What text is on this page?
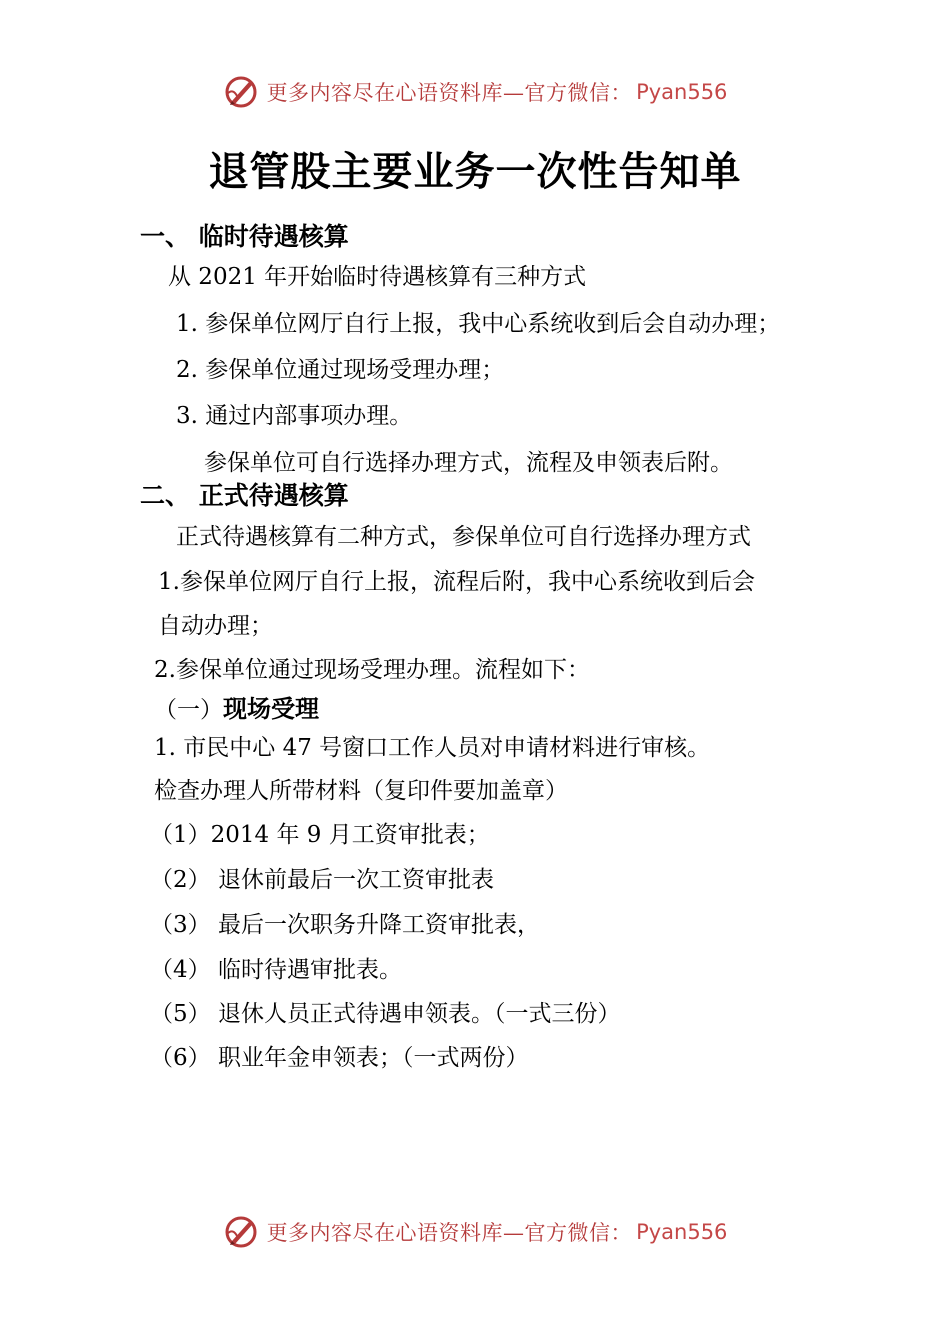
更多内容尽在心语资料库—官方微信： Pyan556
退管股主要业务一次性告知单
一、 临时待遇核算
从 2021 年开始临时待遇核算有三种方式
1. 参保单位网厅自行上报，我中心系统收到后会自动办理；
2. 参保单位通过现场受理办理；
3. 通过内部事项办理。
参保单位可自行选择办理方式，流程及申领表后附。
二、 正式待遇核算
正式待遇核算有二种方式，参保单位可自行选择办理方式
1.参保单位网厅自行上报，流程后附，我中心系统收到后会
自动办理；
2.参保单位通过现场受理办理。流程如下：
（一）现场受理
1. 市民中心 47 号窗口工作人员对申请材料进行审核。
检查办理人所带材料（复印件要加盖章）
（1）2014 年 9 月工资审批表；
（2） 退休前最后一次工资审批表
（3） 最后一次职务升降工资审批表，
（4） 临时待遇审批表。
（5） 退休人员正式待遇申领表。（一式三份）
（6） 职业年金申领表；（一式两份）
更多内容尽在心语资料库—官方微信： Pyan556
